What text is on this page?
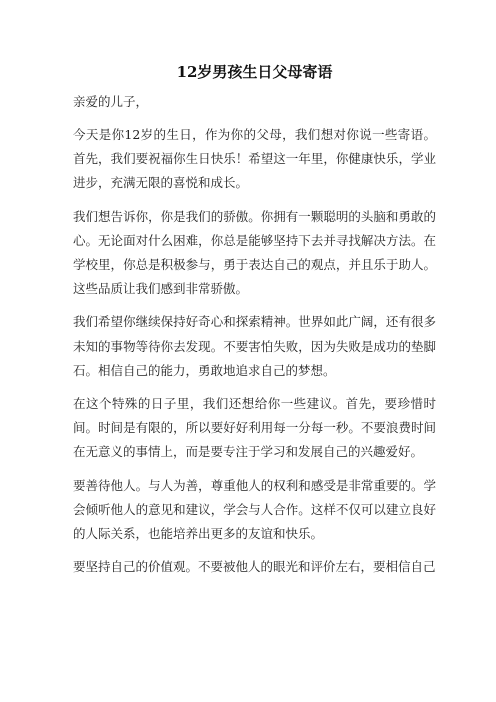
12岁男孩生日父母寄语

亲爱的儿子，

今天是你12岁的生日，作为你的父母，我们想对你说一些寄语。首先，我们要祝福你生日快乐！希望这一年里，你健康快乐，学业进步，充满无限的喜悦和成长。

我们想告诉你，你是我们的骄傲。你拥有一颗聪明的头脑和勇敢的心。无论面对什么困难，你总是能够坚持下去并寻找解决方法。在学校里，你总是积极参与，勇于表达自己的观点，并且乐于助人。这些品质让我们感到非常骄傲。

我们希望你继续保持好奇心和探索精神。世界如此广阔，还有很多未知的事物等待你去发现。不要害怕失败，因为失败是成功的垫脚石。相信自己的能力，勇敢地追求自己的梦想。

在这个特殊的日子里，我们还想给你一些建议。首先，要珍惜时间。时间是有限的，所以要好好利用每一分每一秒。不要浪费时间在无意义的事情上，而是要专注于学习和发展自己的兴趣爱好。

要善待他人。与人为善，尊重他人的权利和感受是非常重要的。学会倾听他人的意见和建议，学会与人合作。这样不仅可以建立良好的人际关系，也能培养出更多的友谊和快乐。

要坚持自己的价值观。不要被他人的眼光和评价左右，要相信自己
